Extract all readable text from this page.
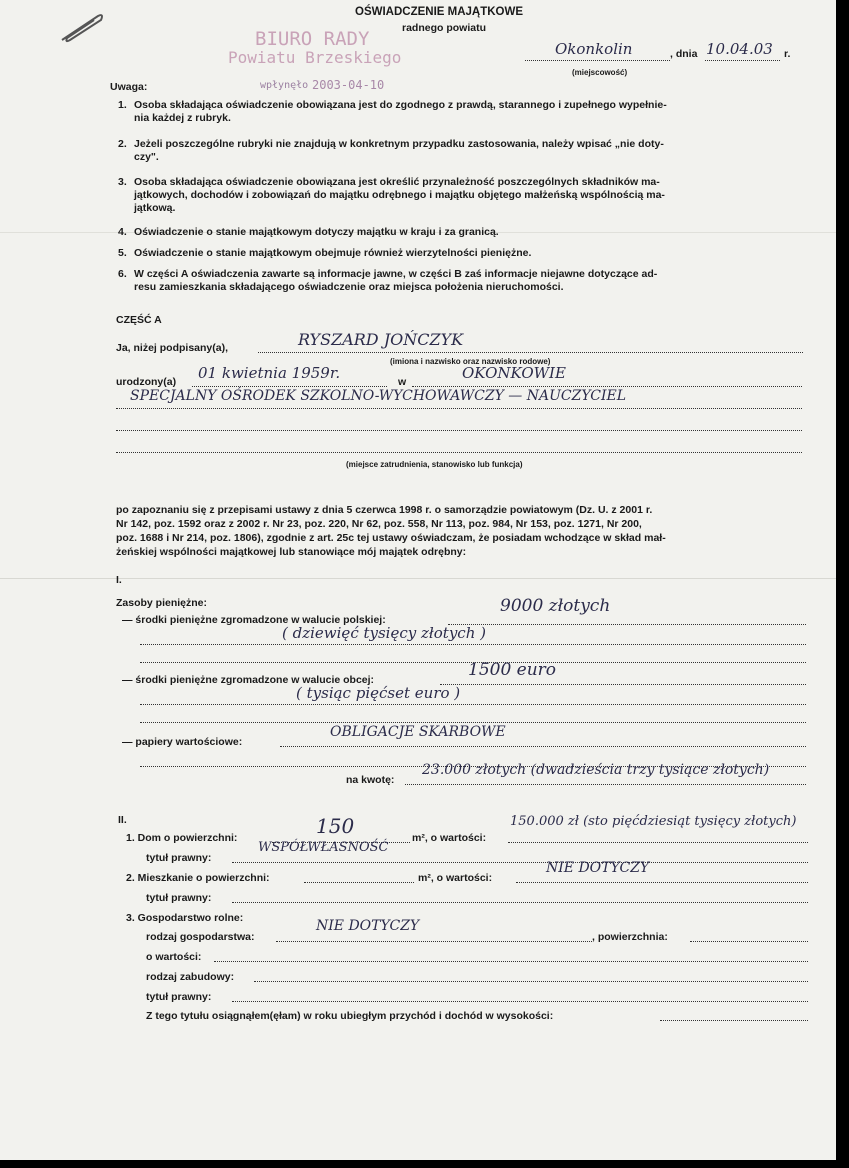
BIURO RADY
Powiatu Brzeskiego
wpłynęło 2003-04-10
OŚWIADCZENIE MAJĄTKOWE
radnego powiatu
Okonkolin	, dnia 10.04.03 r.
(miejscowość)
Uwaga:
1. Osoba składająca oświadczenie obowiązana jest do zgodnego z prawdą, starannego i zupełnego wypełnie-
nia każdej z rubryk.
2. Jeżeli poszczególne rubryki nie znajdują w konkretnym przypadku zastosowania, należy wpisać „nie doty-
czy".
3. Osoba składająca oświadczenie obowiązana jest określić przynależność poszczególnych składników ma-
jątkowych, dochodów i zobowiązań do majątku odrębnego i majątku objętego małżeńską wspólnością ma-
jątkową.
4. Oświadczenie o stanie majątkowym dotyczy majątku w kraju i za granicą.
5. Oświadczenie o stanie majątkowym obejmuje również wierzytelności pieniężne.
6. W części A oświadczenia zawarte są informacje jawne, w części B zaś informacje niejawne dotyczące ad-
resu zamieszkania składającego oświadczenie oraz miejsca położenia nieruchomości.
CZĘŚĆ A
Ja, niżej podpisany(a),	RYSZARD JOŃCZYK
(imiona i nazwisko oraz nazwisko rodowe)
urodzony(a) 01 kwietnia 1959r.	w	OKONKOWIE
SPECJALNY OŚRODEK SZKOLNO-WYCHOWAWCZY — NAUCZYCIEL
(miejsce zatrudnienia, stanowisko lub funkcja)
po zapoznaniu się z przepisami ustawy z dnia 5 czerwca 1998 r. o samorządzie powiatowym (Dz. U. z 2001 r.
Nr 142, poz. 1592 oraz z 2002 r. Nr 23, poz. 220, Nr 62, poz. 558, Nr 113, poz. 984, Nr 153, poz. 1271, Nr 200,
poz. 1688 i Nr 214, poz. 1806), zgodnie z art. 25c tej ustawy oświadczam, że posiadam wchodzące w skład mał-
żeńskiej wspólności majątkowej lub stanowiące mój majątek odrębny:
I.
Zasoby pieniężne:
— środki pieniężne zgromadzone w walucie polskiej:
9000 złotych
( dziewięć tysięcy złotych )
— środki pieniężne zgromadzone w walucie obcej:	1500 euro
( tysiąc pięćset euro )
— papiery wartościowe:
OBLIGACJE SKARBOWE
na kwotę:
23.000 złotych (dwadzieścia trzy tysiące złotych)
II.
1. Dom o powierzchni:	150	m², o wartości:
150.000 zł (sto pięćdziesiąt tysięcy złotych)
tytuł prawny:
WSPÓŁWŁASNOŚĆ
2. Mieszkanie o powierzchni:	m², o wartości:
NIE DOTYCZY
tytuł prawny:
3. Gospodarstwo rolne:
rodzaj gospodarstwa:
NIE DOTYCZY
, powierzchnia:
o wartości:
rodzaj zabudowy:
tytuł prawny:
Z tego tytułu osiągnąłem(ęłam) w roku ubiegłym przychód i dochód w wysokości:
